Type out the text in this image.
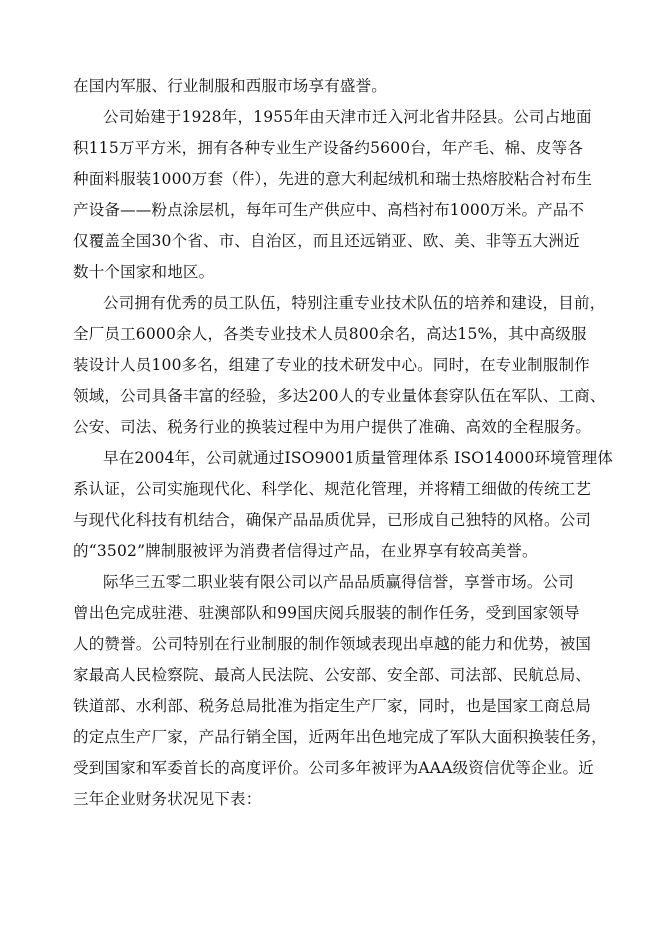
在国内军服、行业制服和西服市场享有盛誉。
公司始建于1928年，1955年由天津市迁入河北省井陉县。公司占地面
积115万平方米，拥有各种专业生产设备约5600台，年产毛、棉、皮等各
种面料服装1000万套（件），先进的意大利起绒机和瑞士热熔胶粘合衬布生
产设备——粉点涂层机，每年可生产供应中、高档衬布1000万米。产品不
仅覆盖全国30个省、市、自治区，而且还远销亚、欧、美、非等五大洲近
数十个国家和地区。
公司拥有优秀的员工队伍，特别注重专业技术队伍的培养和建设，目前，
全厂员工6000余人，各类专业技术人员800余名，高达15%，其中高级服
装设计人员100多名，组建了专业的技术研发中心。同时，在专业制服制作
领域，公司具备丰富的经验，多达200人的专业量体套穿队伍在军队、工商、
公安、司法、税务行业的换装过程中为用户提供了准确、高效的全程服务。
早在2004年，公司就通过ISO9001质量管理体系 ISO14000环境管理体
系认证，公司实施现代化、科学化、规范化管理，并将精工细做的传统工艺
与现代化科技有机结合，确保产品品质优异，已形成自己独特的风格。公司
的“3502”牌制服被评为消费者信得过产品，在业界享有较高美誉。
际华三五零二职业装有限公司以产品品质赢得信誉，享誉市场。公司
曾出色完成驻港、驻澳部队和99国庆阅兵服装的制作任务，受到国家领导
人的赞誉。公司特别在行业制服的制作领域表现出卓越的能力和优势，被国
家最高人民检察院、最高人民法院、公安部、安全部、司法部、民航总局、
铁道部、水利部、税务总局批准为指定生产厂家，同时，也是国家工商总局
的定点生产厂家，产品行销全国，近两年出色地完成了军队大面积换装任务，
受到国家和军委首长的高度评价。公司多年被评为AAA级资信优等企业。近
三年企业财务状况见下表：
